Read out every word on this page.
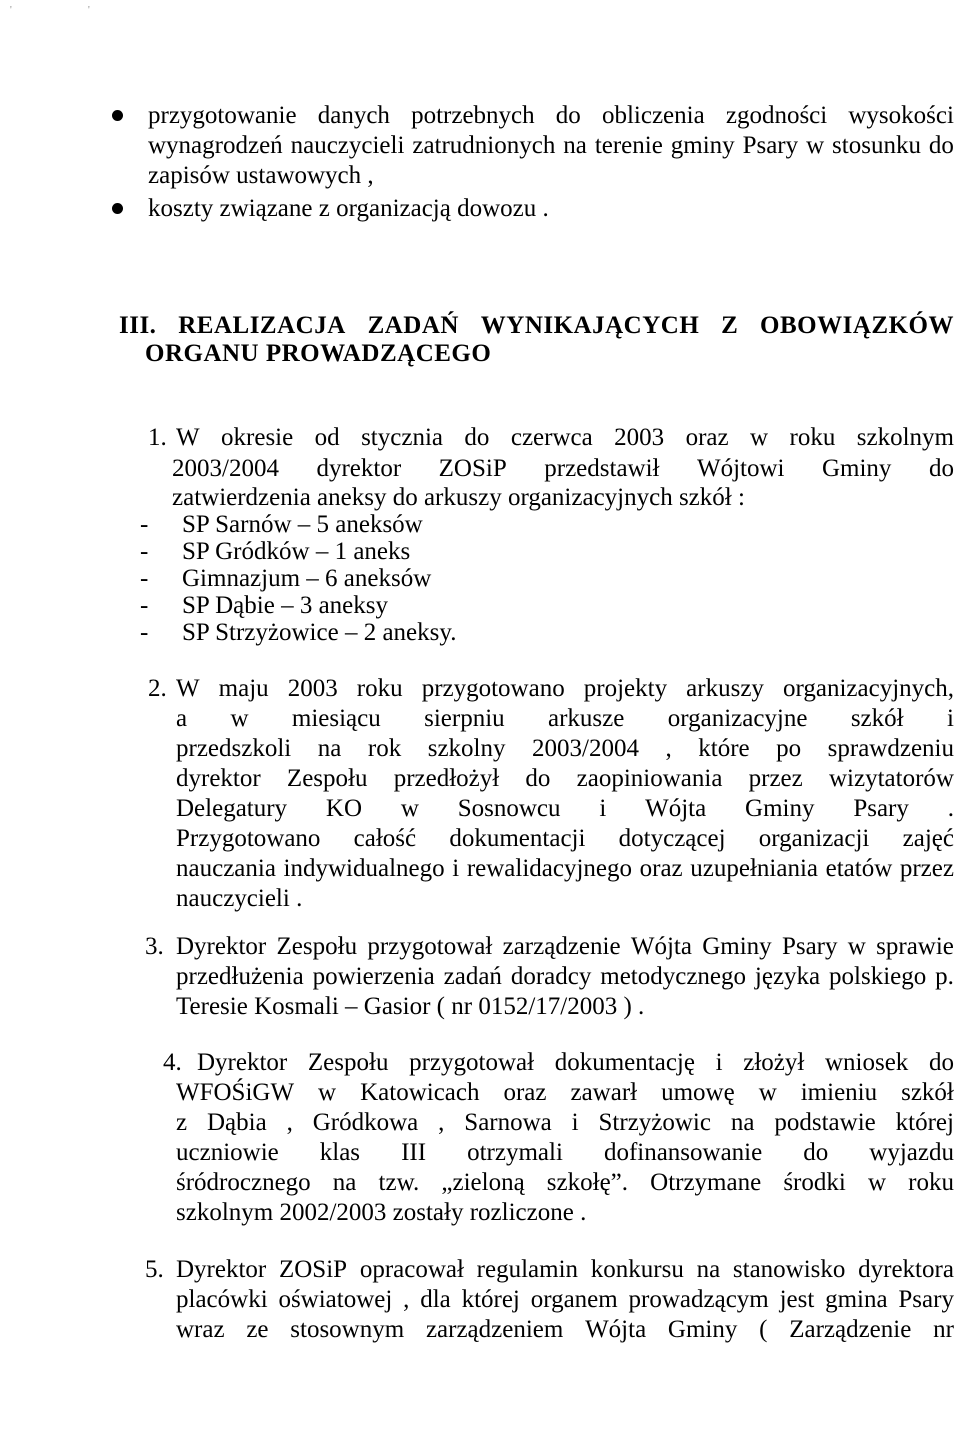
'	'
przygotowanie danych potrzebnych do obliczenia zgodności wysokości
wynagrodzeń nauczycieli zatrudnionych na terenie gminy Psary w stosunku do
zapisów ustawowych ,
koszty związane z organizacją dowozu .
III. REALIZACJA ZADAŃ WYNIKAJĄCYCH Z OBOWIĄZKÓW
ORGANU PROWADZĄCEGO
1. W okresie od stycznia do czerwca 2003 oraz w roku szkolnym
2003/2004 dyrektor ZOSiP przedstawił Wójtowi Gminy do
zatwierdzenia aneksy do arkuszy organizacyjnych szkół :
- SP Sarnów – 5 aneksów
- SP Gródków – 1 aneks
- Gimnazjum – 6 aneksów
- SP Dąbie – 3 aneksy
- SP Strzyżowice – 2 aneksy.
2. W maju 2003 roku przygotowano projekty arkuszy organizacyjnych,
a w miesiącu sierpniu arkusze organizacyjne szkół i
przedszkoli na rok szkolny 2003/2004 , które po sprawdzeniu
dyrektor Zespołu przedłożył do zaopiniowania przez wizytatorów
Delegatury KO w Sosnowcu i Wójta Gminy Psary .
Przygotowano całość dokumentacji dotyczącej organizacji zajęć
nauczania indywidualnego i rewalidacyjnego oraz uzupełniania etatów przez
nauczycieli .
3. Dyrektor Zespołu przygotował zarządzenie Wójta Gminy Psary w sprawie
przedłużenia powierzenia zadań doradcy metodycznego języka polskiego p.
Teresie Kosmali – Gasior ( nr 0152/17/2003 ) .
4. Dyrektor Zespołu przygotował dokumentację i złożył wniosek do
WFOŚiGW w Katowicach oraz zawarł umowę w imieniu szkół
z Dąbia , Gródkowa , Sarnowa i Strzyżowic na podstawie której
uczniowie klas III otrzymali dofinansowanie do wyjazdu
śródrocznego na tzw. „zieloną szkołę”. Otrzymane środki w roku
szkolnym 2002/2003 zostały rozliczone .
5. Dyrektor ZOSiP opracował regulamin konkursu na stanowisko dyrektora
placówki oświatowej , dla której organem prowadzącym jest gmina Psary
wraz ze stosownym zarządzeniem Wójta Gminy ( Zarządzenie nr
